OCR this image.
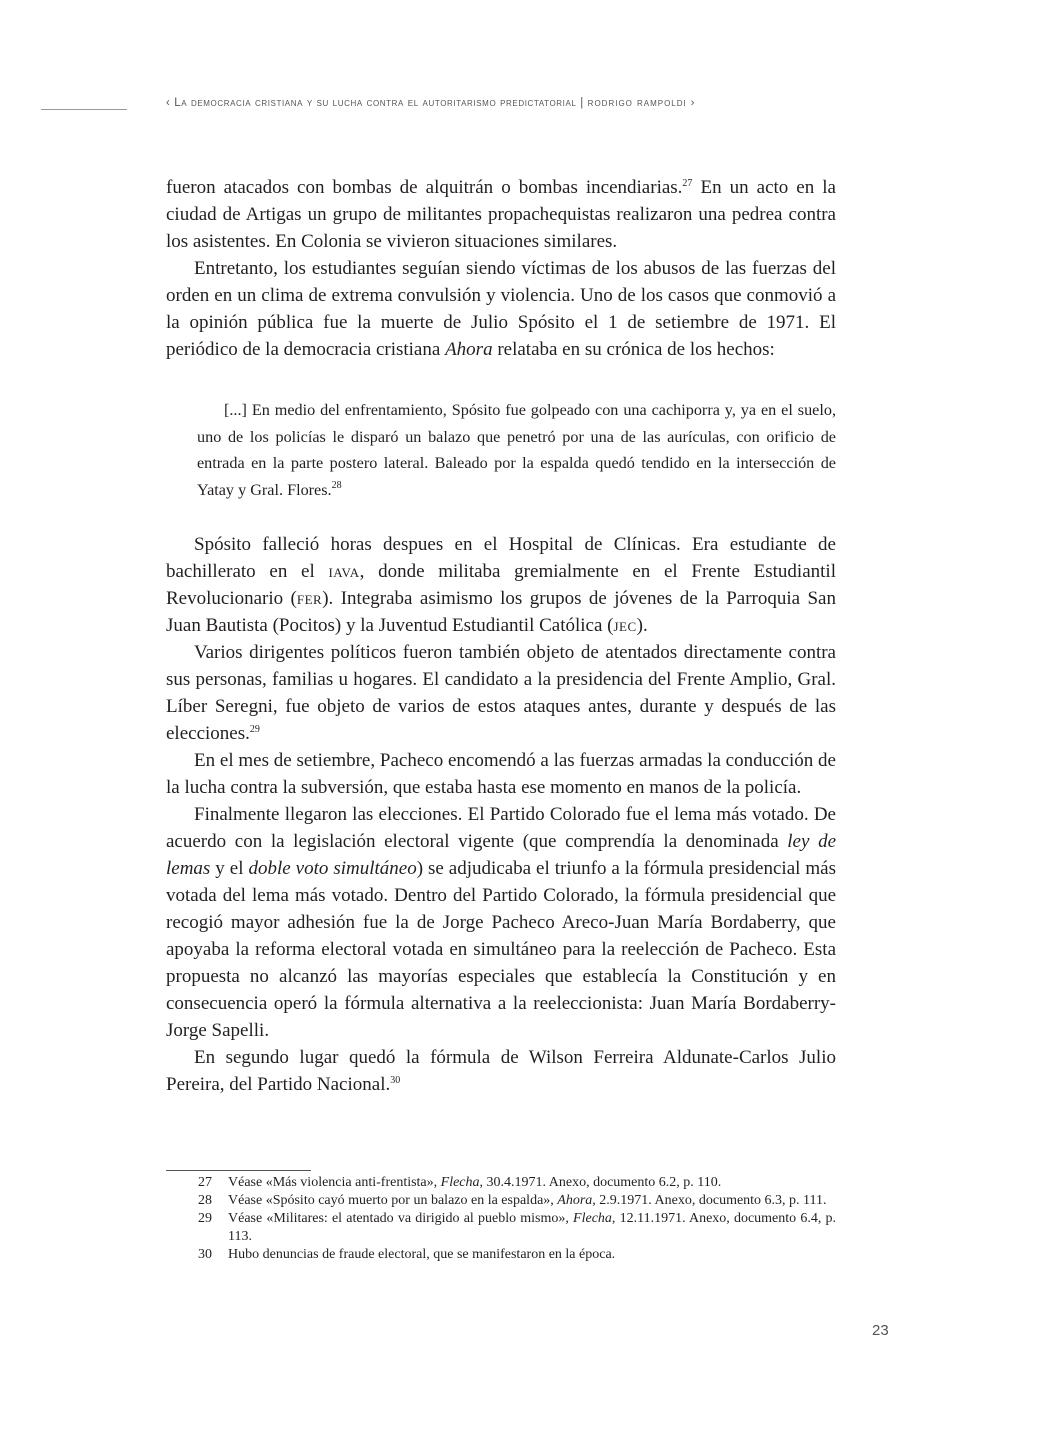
‹ La democracia cristiana y su lucha contra el autoritarismo predictatorial | rodrigo rampoldi ›

fueron atacados con bombas de alquitrán o bombas incendiarias.$^{27}$ En un acto en la ciudad de Artigas un grupo de militantes propachequistas realizaron una pedrea contra los asistentes. En Colonia se vivieron situaciones similares.

Entretanto, los estudiantes seguían siendo víctimas de los abusos de las fuerzas del orden en un clima de extrema convulsión y violencia. Uno de los casos que conmovió a la opinión pública fue la muerte de Julio Spósito el 1 de setiembre de 1971. El periódico de la democracia cristiana Ahora relataba en su crónica de los hechos:

[...] En medio del enfrentamiento, Spósito fue golpeado con una cachiporra y, ya en el suelo, uno de los policías le disparó un balazo que penetró por una de las aurículas, con orificio de entrada en la parte postero lateral. Baleado por la espalda quedó tendido en la intersección de Yatay y Gral. Flores.$^{28}$

Spósito falleció horas despues en el Hospital de Clínicas. Era estudiante de bachillerato en el iava, donde militaba gremialmente en el Frente Estudiantil Revolucionario (fer). Integraba asimismo los grupos de jóvenes de la Parroquia San Juan Bautista (Pocitos) y la Juventud Estudiantil Católica (jec).

Varios dirigentes políticos fueron también objeto de atentados directamente contra sus personas, familias u hogares. El candidato a la presidencia del Frente Amplio, Gral. Líber Seregni, fue objeto de varios de estos ataques antes, durante y después de las elecciones.$^{29}$

En el mes de setiembre, Pacheco encomendó a las fuerzas armadas la conducción de la lucha contra la subversión, que estaba hasta ese momento en manos de la policía.

Finalmente llegaron las elecciones. El Partido Colorado fue el lema más votado. De acuerdo con la legislación electoral vigente (que comprendía la denominada ley de lemas y el doble voto simultáneo) se adjudicaba el triunfo a la fórmula presidencial más votada del lema más votado. Dentro del Partido Colorado, la fórmula presidencial que recogió mayor adhesión fue la de Jorge Pacheco Areco-Juan María Bordaberry, que apoyaba la reforma electoral votada en simultáneo para la reelección de Pacheco. Esta propuesta no alcanzó las mayorías especiales que establecía la Constitución y en consecuencia operó la fórmula alternativa a la reeleccionista: Juan María Bordaberry-Jorge Sapelli.

En segundo lugar quedó la fórmula de Wilson Ferreira Aldunate-Carlos Julio Pereira, del Partido Nacional.$^{30}$

27	Véase «Más violencia anti-frentista», Flecha, 30.4.1971. Anexo, documento 6.2, p. 110.
28	Véase «Spósito cayó muerto por un balazo en la espalda», Ahora, 2.9.1971. Anexo, documento 6.3, p. 111.
29	Véase «Militares: el atentado va dirigido al pueblo mismo», Flecha, 12.11.1971. Anexo, documento 6.4, p. 113.
30	Hubo denuncias de fraude electoral, que se manifestaron en la época.
23
